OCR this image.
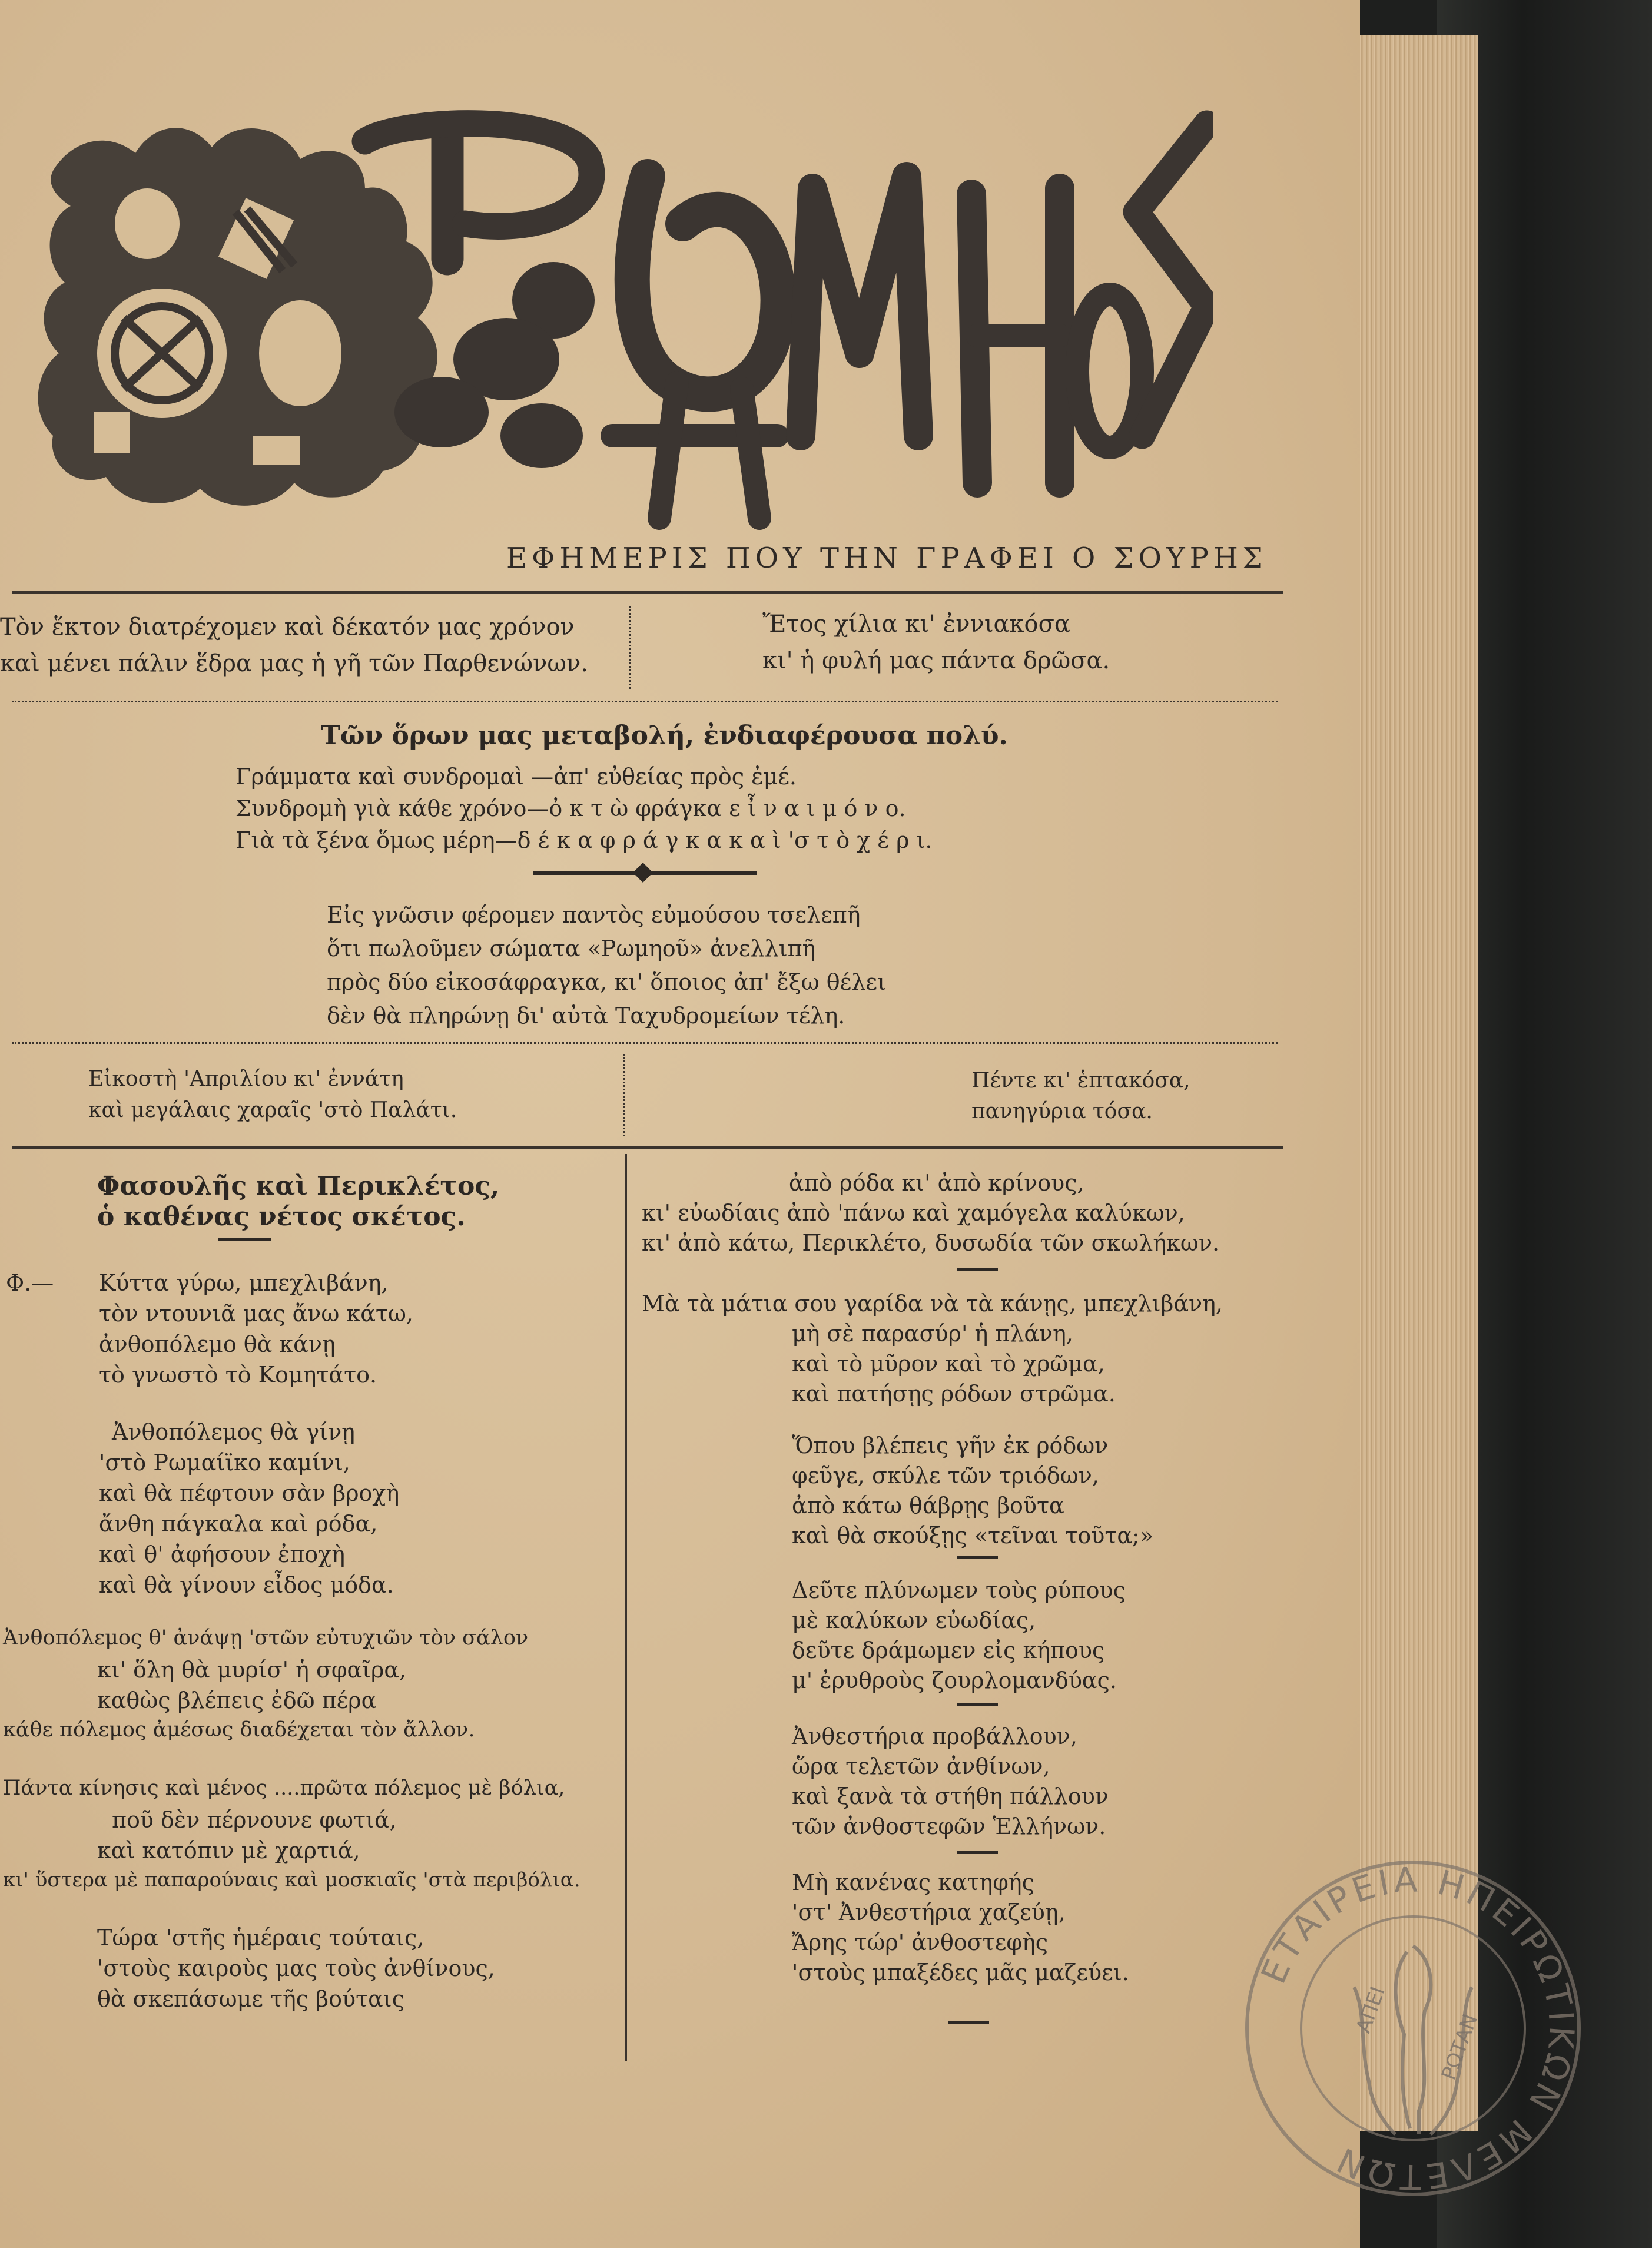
ΕΦΗΜΕΡΙΣ ΠΟΥ ΤΗΝ ΓΡΑΦΕΙ Ο ΣΟΥΡΗΣ
Τὸν ἕκτον διατρέχομεν καὶ δέκατόν μας χρόνον
καὶ μένει πάλιν ἕδρα μας ἡ γῆ τῶν Παρθενώνων.
Ἔτος χίλια κι' ἐννιακόσα
κι' ἡ φυλή μας πάντα δρῶσα.
Τῶν ὅρων μας μεταβολή, ἐνδιαφέρουσα πολύ.
Γράμματα καὶ συνδρομαὶ —ἀπ' εὐθείας πρὸς ἐμέ.
Συνδρομὴ γιὰ κάθε χρόνο—ὀ κ τ ὼ φράγκα ε ἶ ν α ι μ ό ν ο.
Γιὰ τὰ ξένα ὅμως μέρη—δ έ κ α φ ρ ά γ κ α κ α ὶ 'σ τ ὸ χ έ ρ ι.
Εἰς γνῶσιν φέρομεν παντὸς εὐμούσου τσελεπῆ
ὅτι πωλοῦμεν σώματα «Ρωμηοῦ» ἀνελλιπῆ
πρὸς δύο εἰκοσάφραγκα, κι' ὅποιος ἀπ' ἔξω θέλει
δὲν θὰ πληρώνῃ δι' αὐτὰ Ταχυδρομείων τέλη.
Εἰκοστὴ 'Απριλίου κι' ἐννάτη
καὶ μεγάλαις χαραῖς 'στὸ Παλάτι.
Πέντε κι' ἑπτακόσα,
πανηγύρια τόσα.
Φασουλῆς καὶ Περικλέτος,
ὁ καθένας νέτος σκέτος.
Φ.— Κύττα γύρω, μπεχλιβάνη,
τὸν ντουνιᾶ μας ἄνω κάτω,
ἀνθοπόλεμο θὰ κάνῃ
τὸ γνωστὸ τὸ Κομητάτο.
Ἀνθοπόλεμος θὰ γίνῃ
'στὸ Ρωμαίϊκο καμίνι,
καὶ θὰ πέφτουν σὰν βροχὴ
ἄνθη πάγκαλα καὶ ρόδα,
καὶ θ' ἀφήσουν ἐποχὴ
καὶ θὰ γίνουν εἶδος μόδα.
Ἀνθοπόλεμος θ' ἀνάψῃ 'στῶν εὐτυχιῶν τὸν σάλον
κι' ὅλη θὰ μυρίσ' ἡ σφαῖρα,
καθὼς βλέπεις ἐδῶ πέρα
κάθε πόλεμος ἀμέσως διαδέχεται τὸν ἄλλον.
Πάντα κίνησις καὶ μένος ....πρῶτα πόλεμος μὲ βόλια,
ποῦ δὲν πέρνουνε φωτιά,
καὶ κατόπιν μὲ χαρτιά,
κι' ὕστερα μὲ παπαρούναις καὶ μοσκιαῖς 'στὰ περιβόλια.
Τώρα 'στῆς ἡμέραις τούταις,
'στοὺς καιροὺς μας τοὺς ἀνθίνους,
θὰ σκεπάσωμε τῆς βούταις
ἀπὸ ρόδα κι' ἀπὸ κρίνους,
κι' εὐωδίαις ἀπὸ 'πάνω καὶ χαμόγελα καλύκων,
κι' ἀπὸ κάτω, Περικλέτο, δυσωδία τῶν σκωλήκων.
Μὰ τὰ μάτια σου γαρίδα νὰ τὰ κάνῃς, μπεχλιβάνη,
μὴ σὲ παρασύρ' ἡ πλάνη,
καὶ τὸ μῦρον καὶ τὸ χρῶμα,
καὶ πατήσῃς ρόδων στρῶμα.
Ὅπου βλέπεις γῆν ἐκ ρόδων
φεῦγε, σκύλε τῶν τριόδων,
ἀπὸ κάτω θάβρῃς βοῦτα
καὶ θὰ σκούξῃς «τεῖναι τοῦτα;»
Δεῦτε πλύνωμεν τοὺς ρύπους
μὲ καλύκων εὐωδίας,
δεῦτε δράμωμεν εἰς κήπους
μ' ἐρυθροὺς ζουρλομανδύας.
Ἀνθεστήρια προβάλλουν,
ὥρα τελετῶν ἀνθίνων,
καὶ ξανὰ τὰ στήθη πάλλουν
τῶν ἀνθοστεφῶν Ἑλλήνων.
Μὴ κανένας κατηφής
'στ' Ἀνθεστήρια χαζεύῃ,
Ἄρης τώρ' ἀνθοστεφὴς
'στοὺς μπαξέδες μᾶς μαζεύει.	ΕΤΑΙΡΕΙΑ ΗΠΕΙΡΩΤΙΚΩΝ ΜΕΛΕΤΩΝ
ΑΠΕΙ
ΡΩΤΑΝ
